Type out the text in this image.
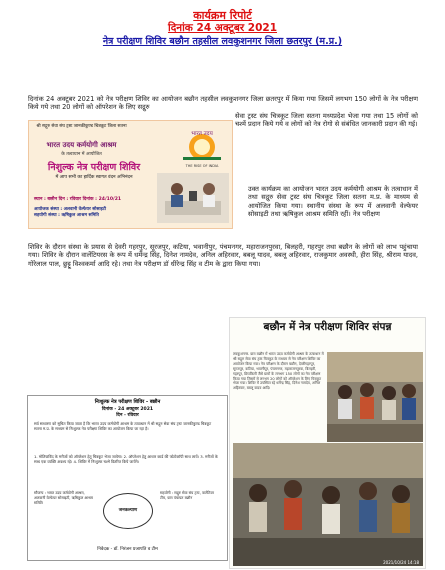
कार्यक्रम रिपोर्ट
दिनांक 24 अक्टूबर 2021
नेत्र परीक्षण शिविर बछौन तहसील लवकुशनगर जिला छतरपुर (म.प्र.)
दिनांक 24 अक्टूबर 2021 को नेत्र परीक्षण शिविर का आयोजन बछौन तहसील लवकुशनगर जिला छतरपुर में किया गया जिसमें लगभग 150 लोगों के नेत्र परीक्षण किये गये तथा 20 लोगों को ऑपरेशन के लिए सद्गुरु
सेवा ट्रस्ट संघ चित्रकूट जिला सतना मध्यप्रदेश भेजा गया तथा 15 लोगों को चश्में प्रदान किये गये व लोगों को नेत्र रोगो से संबंधित जानकारी प्रदान की गई।
श्री सद्गुरु सेवा संघ ट्रस्ट जानकीकुण्ड चित्रकूट जिला सतना
भारत उदय कर्मयोगी आश्रम
के तत्वाधान में आयोजित
निशुल्क नेत्र परीक्षण शिविर
में आप सभी का हार्दिक स्वागत वंदन अभिनंदन
स्थान : बछौन दिन : रविवार दिनांक : 24/10/21
आयोजक संस्था : अलवानी वेल्फेयर सोसाइटी
सहयोगी संस्था : ऋषिकुल आश्रम समिति
भारत उदय
THE RISE OF INDIA
उक्त कार्यक्रम का आयोजन भारत उदय कर्मयोगी आश्रम के तत्वाधान में तथा सद्गुरु सेवा ट्रस्ट संघ चित्रकूट जिला सतना म.प्र. के माध्यम से आयोजित किया गया। स्थानीय संस्था के रूप में अलवानी वेल्फेयर सोसाइटी तथा ऋषिकुल आश्रम समिति रहीं। नेत्र परीक्षण
शिविर के दौरान संस्था के प्रयास से देवरी गहरपुर, सूरजपुर, कटिया, भवानीपुर, पंचमनगर, महाराजनपुरवा, बिलहरी, गहरपुर तथा बछौन के लोगों को लाभ पहुंचाया गया। शिविर के दौरान वालेंटियरस के रूप में धर्मेन्द्र सिंह, दिनेश नामदेव, अनिल अहिरवार, बबलू यादव, बबलू अहिरवार, राजकुमार अवस्थी, हीरा सिंह, श्रीराम यादव, गोरेलाल पाल, छुट्टू विश्वकर्मा आदि रहे। तथा नेत्र परीक्षण डॉ धीरेन्द्र सिंह व टीम के द्वारा किया गया।
बछौन में नेत्र परीक्षण शिविर संपन्न
लवकुशनगर. ग्राम बछौन में भारत उदय कर्मयोगी आश्रम के तत्वाधान में श्री सद्गुरु सेवा संघ ट्रस्ट चित्रकूट के माध्यम से नेत्र परीक्षण शिविर का आयोजन किया गया। नेत्र परीक्षण के दौरान बछौन, देवरीगहरपुर, सूरजपुर, कटिया, भवानीपुर, पंचमनगर, महाराजनपुरवा, बिलहरी, गहरपुर, छिपकिली जैसे ग्रामों के लगभग 150 लोगों का नेत्र परीक्षण किया गया जिसमें से लगभग 20 लोगों को ऑपरेशन के लिए चित्रकूट भेजा गया। शिविर में उपस्थित रहे धर्मेन्द्र सिंह, दिनेश नामदेव, अनिल अहिरवार, बबलू यादव आदि।
2021/10/24 14:18
निःशुल्क नेत्र परीक्षण शिविर - बछौन
दिनांक - 24 अक्टूबर 2021
दिन - रविवार
सर्व साधारण को सूचित किया जाता है कि भारत उदय कर्मयोगी आश्रम के तत्वाधान में श्री सद्गुरु सेवा संघ ट्रस्ट जानकीकुण्ड चित्रकूट सतना म.प्र. के माध्यम से निःशुल्क नेत्र परीक्षण शिविर का आयोजन किया जा रहा है।
1. मोतियाबिंद के मरीजों को ऑपरेशन हेतु चित्रकूट भेजा जायेगा। 2. ऑपरेशन हेतु आधार कार्ड की फोटोकॉपी साथ लायें। 3. मरीजों के साथ एक व्यक्ति अवश्य रहे। 4. शिविर में निःशुल्क चश्मे वितरित किये जायेंगे।
सौजन्य : भारत उदय कर्मयोगी आश्रम, अलवानी वेल्फेयर सोसाइटी, ऋषिकुल आश्रम समिति
जनकल्याण
सहयोगी : सद्गुरु सेवा संघ ट्रस्ट, वालेंटियर टीम, ग्राम पंचायत बछौन
निवेदक - डॉ. निरंजन प्रजापति व टीम
